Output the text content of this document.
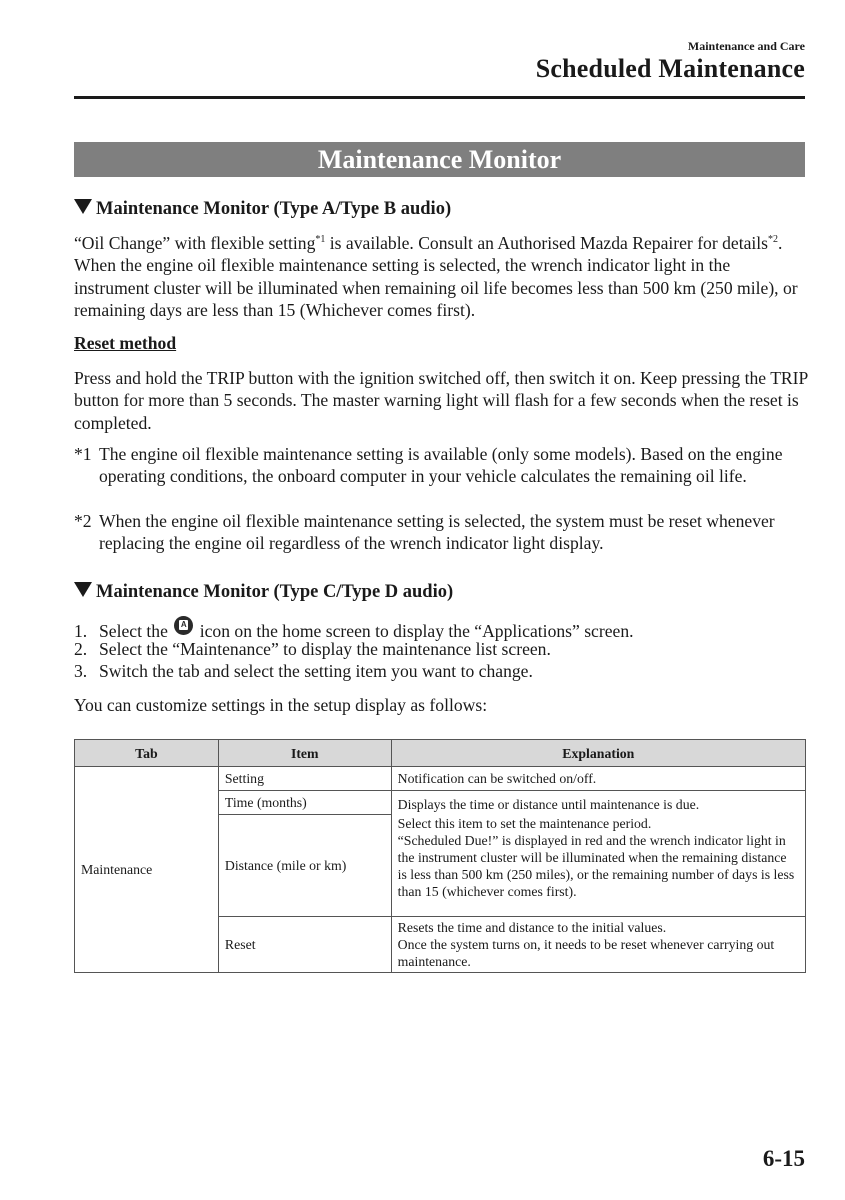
Maintenance and Care
Scheduled Maintenance
Maintenance Monitor
Maintenance Monitor (Type A/Type B audio)

“Oil Change” with flexible setting$^{*1}$ is available. Consult an Authorised Mazda Repairer for details$^{*2}$. When the engine oil flexible maintenance setting is selected, the wrench indicator light in the instrument cluster will be illuminated when remaining oil life becomes less than 500 km (250 mile), or remaining days are less than 15 (Whichever comes first).

Reset method

Press and hold the TRIP button with the ignition switched off, then switch it on. Keep pressing the TRIP button for more than 5 seconds. The master warning light will flash for a few seconds when the reset is completed.

*1 The engine oil flexible maintenance setting is available (only some models). Based on the engine operating conditions, the onboard computer in your vehicle calculates the remaining oil life.
*2 When the engine oil flexible maintenance setting is selected, the system must be reset whenever replacing the engine oil regardless of the wrench indicator light display.
Maintenance Monitor (Type C/Type D audio)
1. Select the A icon on the home screen to display the “Applications” screen.
2. Select the “Maintenance” to display the maintenance list screen.
3. Switch the tab and select the setting item you want to change.
You can customize settings in the setup display as follows:
Tab	Item	Explanation
Maintenance	Setting	Notification can be switched on/off.
	Time (months)	Displays the time or distance until maintenance is due.
	Distance (mile or km)	Select this item to set the maintenance period.
“Scheduled Due!” is displayed in red and the wrench indicator light in the instrument cluster will be illuminated when the remaining distance is less than 500 km (250 miles), or the remaining number of days is less than 15 (whichever comes first).
	Reset	Resets the time and distance to the initial values.
Once the system turns on, it needs to be reset whenever carrying out maintenance.
6-15
